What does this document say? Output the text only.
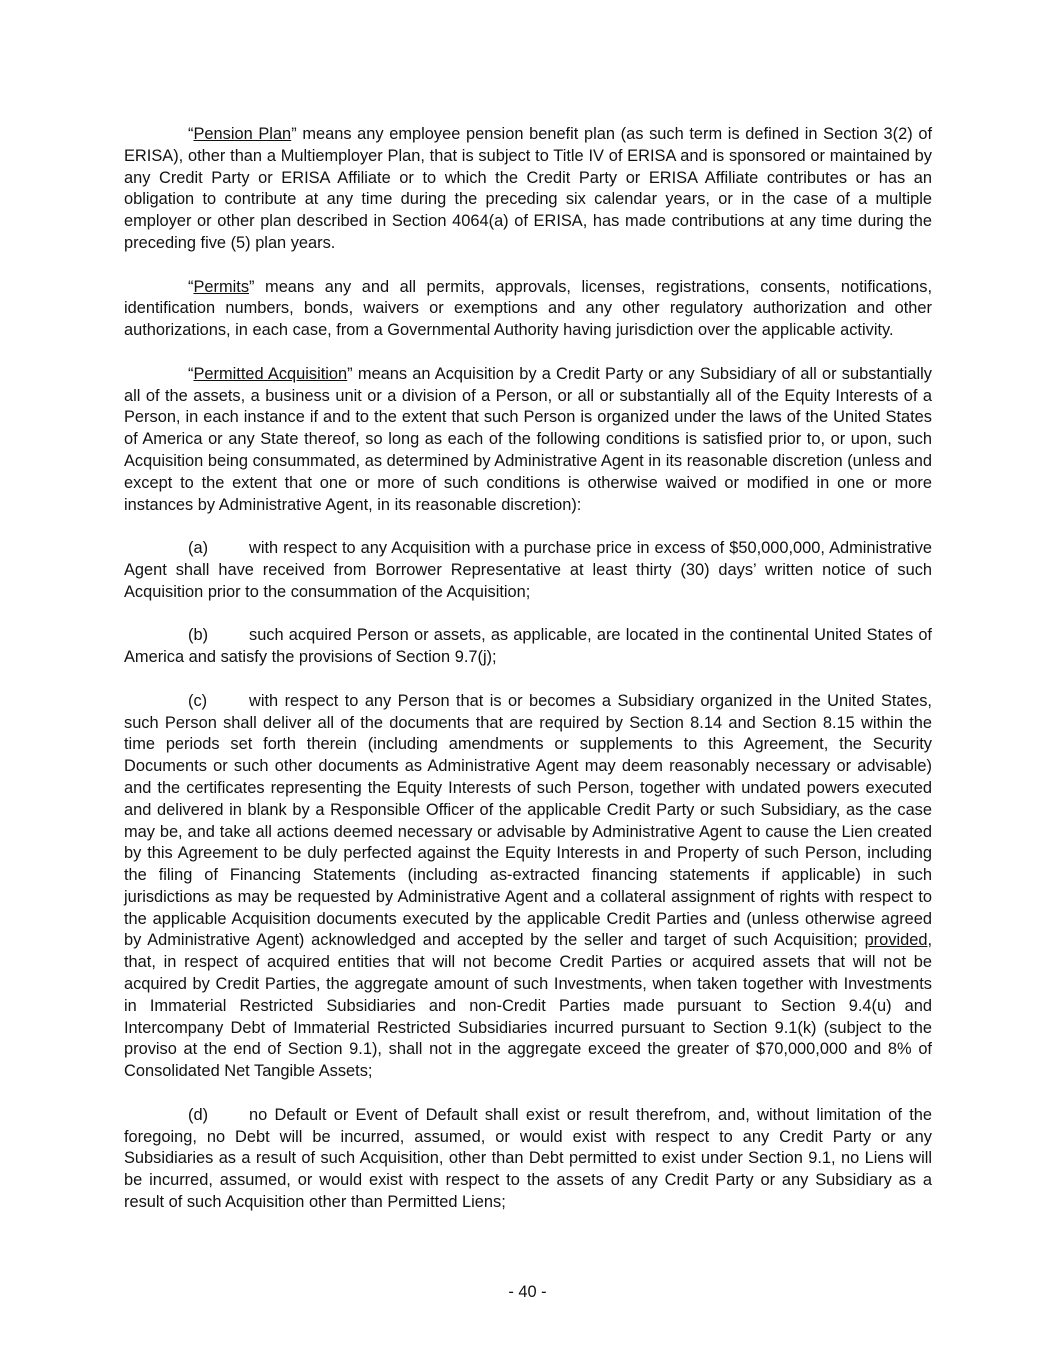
“Pension Plan” means any employee pension benefit plan (as such term is defined in Section 3(2) of ERISA), other than a Multiemployer Plan, that is subject to Title IV of ERISA and is sponsored or maintained by any Credit Party or ERISA Affiliate or to which the Credit Party or ERISA Affiliate contributes or has an obligation to contribute at any time during the preceding six calendar years, or in the case of a multiple employer or other plan described in Section 4064(a) of ERISA, has made contributions at any time during the preceding five (5) plan years.

“Permits” means any and all permits, approvals, licenses, registrations, consents, notifications, identification numbers, bonds, waivers or exemptions and any other regulatory authorization and other authorizations, in each case, from a Governmental Authority having jurisdiction over the applicable activity.

“Permitted Acquisition” means an Acquisition by a Credit Party or any Subsidiary of all or substantially all of the assets, a business unit or a division of a Person, or all or substantially all of the Equity Interests of a Person, in each instance if and to the extent that such Person is organized under the laws of the United States of America or any State thereof, so long as each of the following conditions is satisfied prior to, or upon, such Acquisition being consummated, as determined by Administrative Agent in its reasonable discretion (unless and except to the extent that one or more of such conditions is otherwise waived or modified in one or more instances by Administrative Agent, in its reasonable discretion):

(a) with respect to any Acquisition with a purchase price in excess of $50,000,000, Administrative Agent shall have received from Borrower Representative at least thirty (30) days’ written notice of such Acquisition prior to the consummation of the Acquisition;

(b) such acquired Person or assets, as applicable, are located in the continental United States of America and satisfy the provisions of Section 9.7(j);

(c)	with respect to any Person that is or becomes a Subsidiary organized in the United States, such Person shall deliver all of the documents that are required by Section 8.14 and Section 8.15 within the time periods set forth therein (including amendments or supplements to this Agreement, the Security Documents or such other documents as Administrative Agent may deem reasonably necessary or advisable) and the certificates representing the Equity Interests of such Person, together with undated powers executed and delivered in blank by a Responsible Officer of the applicable Credit Party or such Subsidiary, as the case may be, and take all actions deemed necessary or advisable by Administrative Agent to cause the Lien created by this Agreement to be duly perfected against the Equity Interests in and Property of such Person, including the filing of Financing Statements (including as-extracted financing statements if applicable) in such jurisdictions as may be requested by Administrative Agent and a collateral assignment of rights with respect to the applicable Acquisition documents executed by the applicable Credit Parties and (unless otherwise agreed by Administrative Agent) acknowledged and accepted by the seller and target of such Acquisition; provided, that, in respect of acquired entities that will not become Credit Parties or acquired assets that will not be acquired by Credit Parties, the aggregate amount of such Investments, when taken together with Investments in Immaterial Restricted Subsidiaries and non-Credit Parties made pursuant to Section 9.4(u) and Intercompany Debt of Immaterial Restricted Subsidiaries incurred pursuant to Section 9.1(k) (subject to the proviso at the end of Section 9.1), shall not in the aggregate exceed the greater of $70,000,000 and 8% of Consolidated Net Tangible Assets;

(d) no Default or Event of Default shall exist or result therefrom, and, without limitation of the foregoing, no Debt will be incurred, assumed, or would exist with respect to any Credit Party or any Subsidiaries as a result of such Acquisition, other than Debt permitted to exist under Section 9.1, no Liens will be incurred, assumed, or would exist with respect to the assets of any Credit Party or any Subsidiary as a result of such Acquisition other than Permitted Liens;

- 40 -
